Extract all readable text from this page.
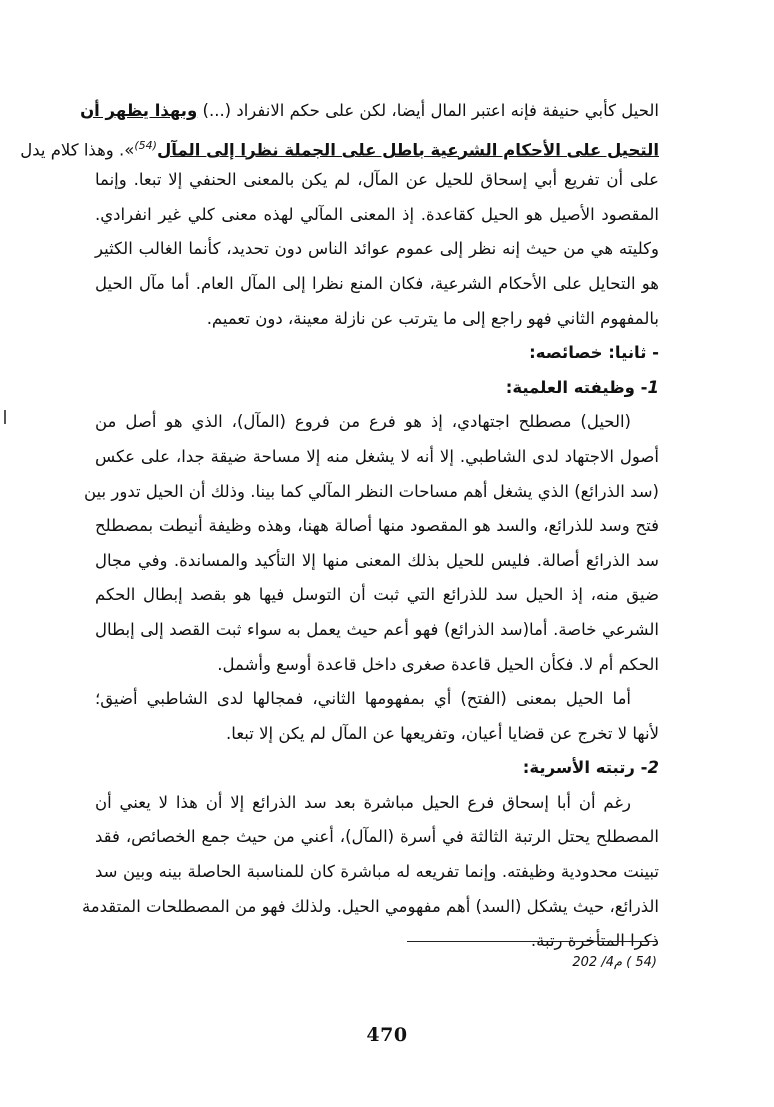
الحيل كأبي حنيفة فإنه اعتبر المال أيضا، لكن على حكم الانفراد (...) وبهذا يظهر أن
التحيل على الأحكام الشرعية باطل على الجملة نظرا إلى المآل$^{(54)}$». وهذا كلام يدل
على أن تفريع أبي إسحاق للحيل عن المآل، لم يكن بالمعنى الحنفي إلا تبعا. وإنما
المقصود الأصيل هو الحيل كقاعدة. إذ المعنى المآلي لهذه معنى كلي غير انفرادي.
وكليته هي من حيث إنه نظر إلى عموم عوائد الناس دون تحديد، كأنما الغالب الكثير
هو التحايل على الأحكام الشرعية، فكان المنع نظرا إلى المآل العام. أما مآل الحيل
بالمفهوم الثاني فهو راجع إلى ما يترتب عن نازلة معينة، دون تعميم.
- ثانيا: خصائصه:
1- وظيفته العلمية:
(الحيل) مصطلح اجتهادي، إذ هو فرع من فروع (المآل)، الذي هو أصل من
أصول الاجتهاد لدى الشاطبي. إلا أنه لا يشغل منه إلا مساحة ضيقة جدا، على عكس
(سد الذرائع) الذي يشغل أهم مساحات النظر المآلي كما بينا. وذلك أن الحيل تدور بين
فتح وسد للذرائع، والسد هو المقصود منها أصالة ههنا، وهذه وظيفة أنيطت بمصطلح
سد الذرائع أصالة. فليس للحيل بذلك المعنى منها إلا التأكيد والمساندة. وفي مجال
ضيق منه، إذ الحيل سد للذرائع التي ثبت أن التوسل فيها هو بقصد إبطال الحكم
الشرعي خاصة. أما(سد الذرائع) فهو أعم حيث يعمل به سواء ثبت القصد إلى إبطال
الحكم أم لا. فكأن الحيل قاعدة صغرى داخل قاعدة أوسع وأشمل.
أما الحيل بمعنى (الفتح) أي بمفهومها الثاني، فمجالها لدى الشاطبي أضيق؛
لأنها لا تخرج عن قضايا أعيان، وتفريعها عن المآل لم يكن إلا تبعا.
2- رتبته الأسرية:
رغم أن أبا إسحاق فرع الحيل مباشرة بعد سد الذرائع إلا أن هذا لا يعني أن
المصطلح يحتل الرتبة الثالثة في أسرة (المآل)، أعني من حيث جمع الخصائص، فقد
تبينت محدودية وظيفته. وإنما تفريعه له مباشرة كان للمناسبة الحاصلة بينه وبين سد
الذرائع، حيث يشكل (السد) أهم مفهومي الحيل. ولذلك فهو من المصطلحات المتقدمة
ذكرا المتأخرة رتبة.
(54 ) م4/ 202
470
